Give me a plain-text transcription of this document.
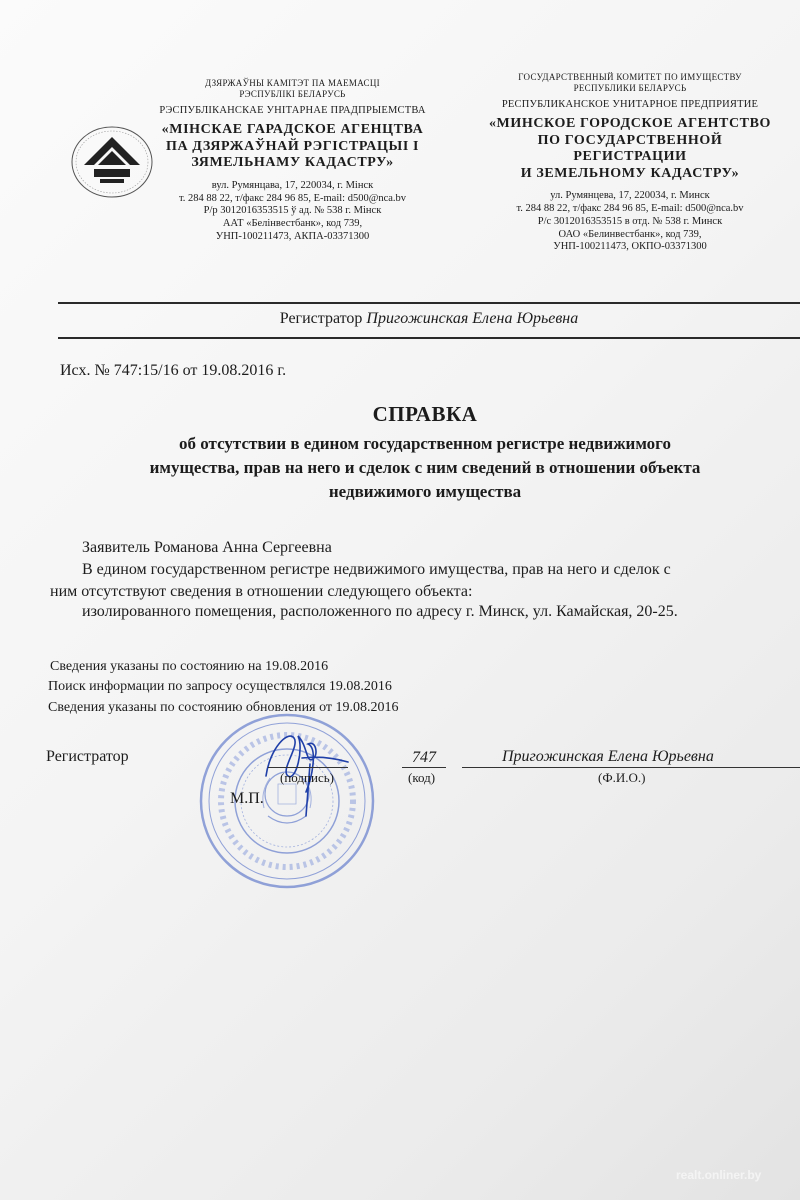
ДЗЯРЖАЎНЫ КАМІТЭТ ПА МАЕМАСЦІ
РЭСПУБЛІКІ БЕЛАРУСЬ
РЭСПУБЛІКАНСКАЕ УНІТАРНАЕ ПРАДПРЫЕМСТВА
«МІНСКАЕ ГАРАДСКОЕ АГЕНЦТВА
ПА ДЗЯРЖАЎНАЙ РЭГІСТРАЦЫІ І
ЗЯМЕЛЬНАМУ КАДАСТРУ»
вул. Румянцава, 17, 220034, г. Мінск
т. 284 88 22, т/факс 284 96 85, E-mail: d500@nca.bv
Р/р 3012016353515 ў ад. № 538 г. Мінск
ААТ «Белінвестбанк», код 739,
УНП-100211473, АКПА-03371300
ГОСУДАРСТВЕННЫЙ КОМИТЕТ ПО ИМУЩЕСТВУ
РЕСПУБЛИКИ БЕЛАРУСЬ
РЕСПУБЛИКАНСКОЕ УНИТАРНОЕ ПРЕДПРИЯТИЕ
«МИНСКОЕ ГОРОДСКОЕ АГЕНТСТВО
ПО ГОСУДАРСТВЕННОЙ РЕГИСТРАЦИИ
И ЗЕМЕЛЬНОМУ КАДАСТРУ»
ул. Румянцева, 17, 220034, г. Минск
т. 284 88 22, т/факс 284 96 85, E-mail: d500@nca.bv
Р/с 3012016353515 в отд. № 538 г. Минск
ОАО «Белинвестбанк», код 739,
УНП-100211473, ОКПО-03371300
Регистратор Пригожинская Елена Юрьевна
Исх. № 747:15/16 от 19.08.2016 г.
СПРАВКА
об отсутствии в едином государственном регистре недвижимого
имущества, прав на него и сделок с ним сведений в отношении объекта
недвижимого имущества
Заявитель Романова Анна Сергеевна
В едином государственном регистре недвижимого имущества, прав на него и сделок с
ним отсутствуют сведения в отношении следующего объекта:
изолированного помещения, расположенного по адресу г. Минск, ул. Камайская, 20-25.
Сведения указаны по состоянию на 19.08.2016
Поиск информации по запросу осуществлялся 19.08.2016
Сведения указаны по состоянию обновления от 19.08.2016
Регистратор
(подпись)
747
(код)
Пригожинская Елена Юрьевна
(Ф.И.О.)
М.П.
realt.onliner.by
